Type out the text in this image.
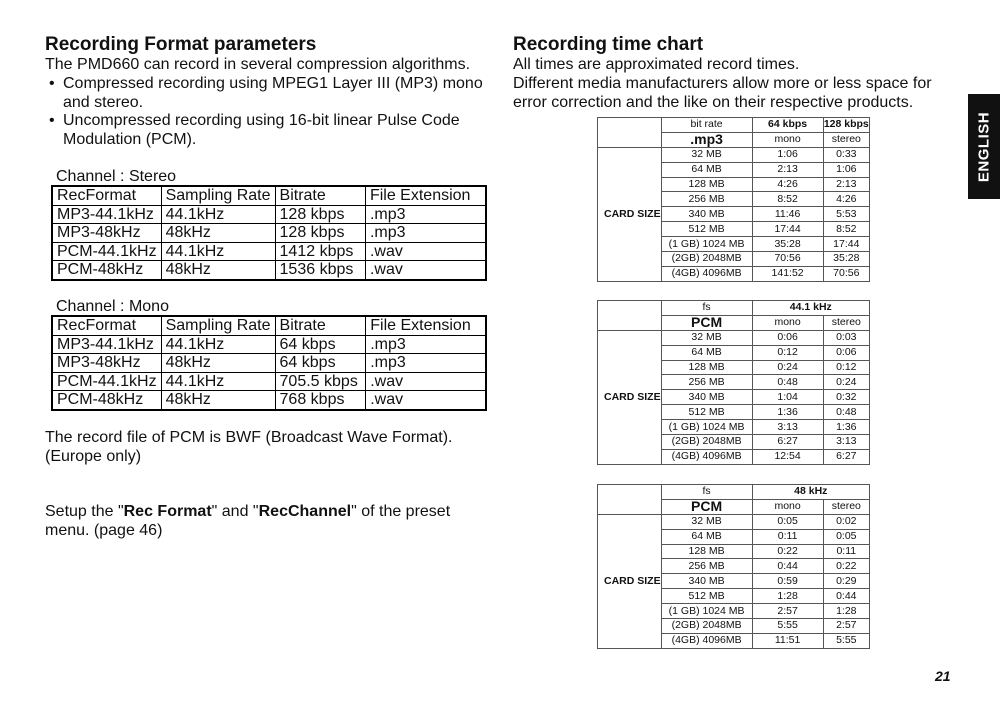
Recording Format parameters
The PMD660 can record in several compression algorithms.
• Compressed recording using MPEG1 Layer III (MP3) mono and stereo.
• Uncompressed recording using 16-bit linear Pulse Code Modulation (PCM).
Channel : Stereo
RecFormat	Sampling Rate	Bitrate	File Extension
MP3-44.1kHz	44.1kHz	128 kbps	.mp3
MP3-48kHz	48kHz	128 kbps	.mp3
PCM-44.1kHz	44.1kHz	1412 kbps	.wav
PCM-48kHz	48kHz	1536 kbps	.wav
Channel : Mono
RecFormat	Sampling Rate	Bitrate	File Extension
MP3-44.1kHz	44.1kHz	64 kbps	.mp3
MP3-48kHz	48kHz	64 kbps	.mp3
PCM-44.1kHz	44.1kHz	705.5 kbps	.wav
PCM-48kHz	48kHz	768 kbps	.wav
The record file of PCM is BWF (Broadcast Wave Format). (Europe only)
Setup the "Rec Format" and "RecChannel" of the preset menu. (page 46)
Recording time chart
All times are approximated record times.
Different media manufacturers allow more or less space for error correction and the like on their respective products.
	bit rate	64 kbps	128 kbps
	.mp3	mono	stereo
CARD SIZE	32 MB	1:06	0:33
	64 MB	2:13	1:06
	128 MB	4:26	2:13
	256 MB	8:52	4:26
	340 MB	11:46	5:53
	512 MB	17:44	8:52
	(1 GB) 1024 MB	35:28	17:44
	(2GB) 2048MB	70:56	35:28
	(4GB) 4096MB	141:52	70:56
	fs	44.1 kHz	
	PCM	mono	stereo
CARD SIZE	32 MB	0:06	0:03
	64 MB	0:12	0:06
	128 MB	0:24	0:12
	256 MB	0:48	0:24
	340 MB	1:04	0:32
	512 MB	1:36	0:48
	(1 GB) 1024 MB	3:13	1:36
	(2GB) 2048MB	6:27	3:13
	(4GB) 4096MB	12:54	6:27
	fs	48 kHz	
	PCM	mono	stereo
CARD SIZE	32 MB	0:05	0:02
	64 MB	0:11	0:05
	128 MB	0:22	0:11
	256 MB	0:44	0:22
	340 MB	0:59	0:29
	512 MB	1:28	0:44
	(1 GB) 1024 MB	2:57	1:28
	(2GB) 2048MB	5:55	2:57
	(4GB) 4096MB	11:51	5:55
ENGLISH
21
